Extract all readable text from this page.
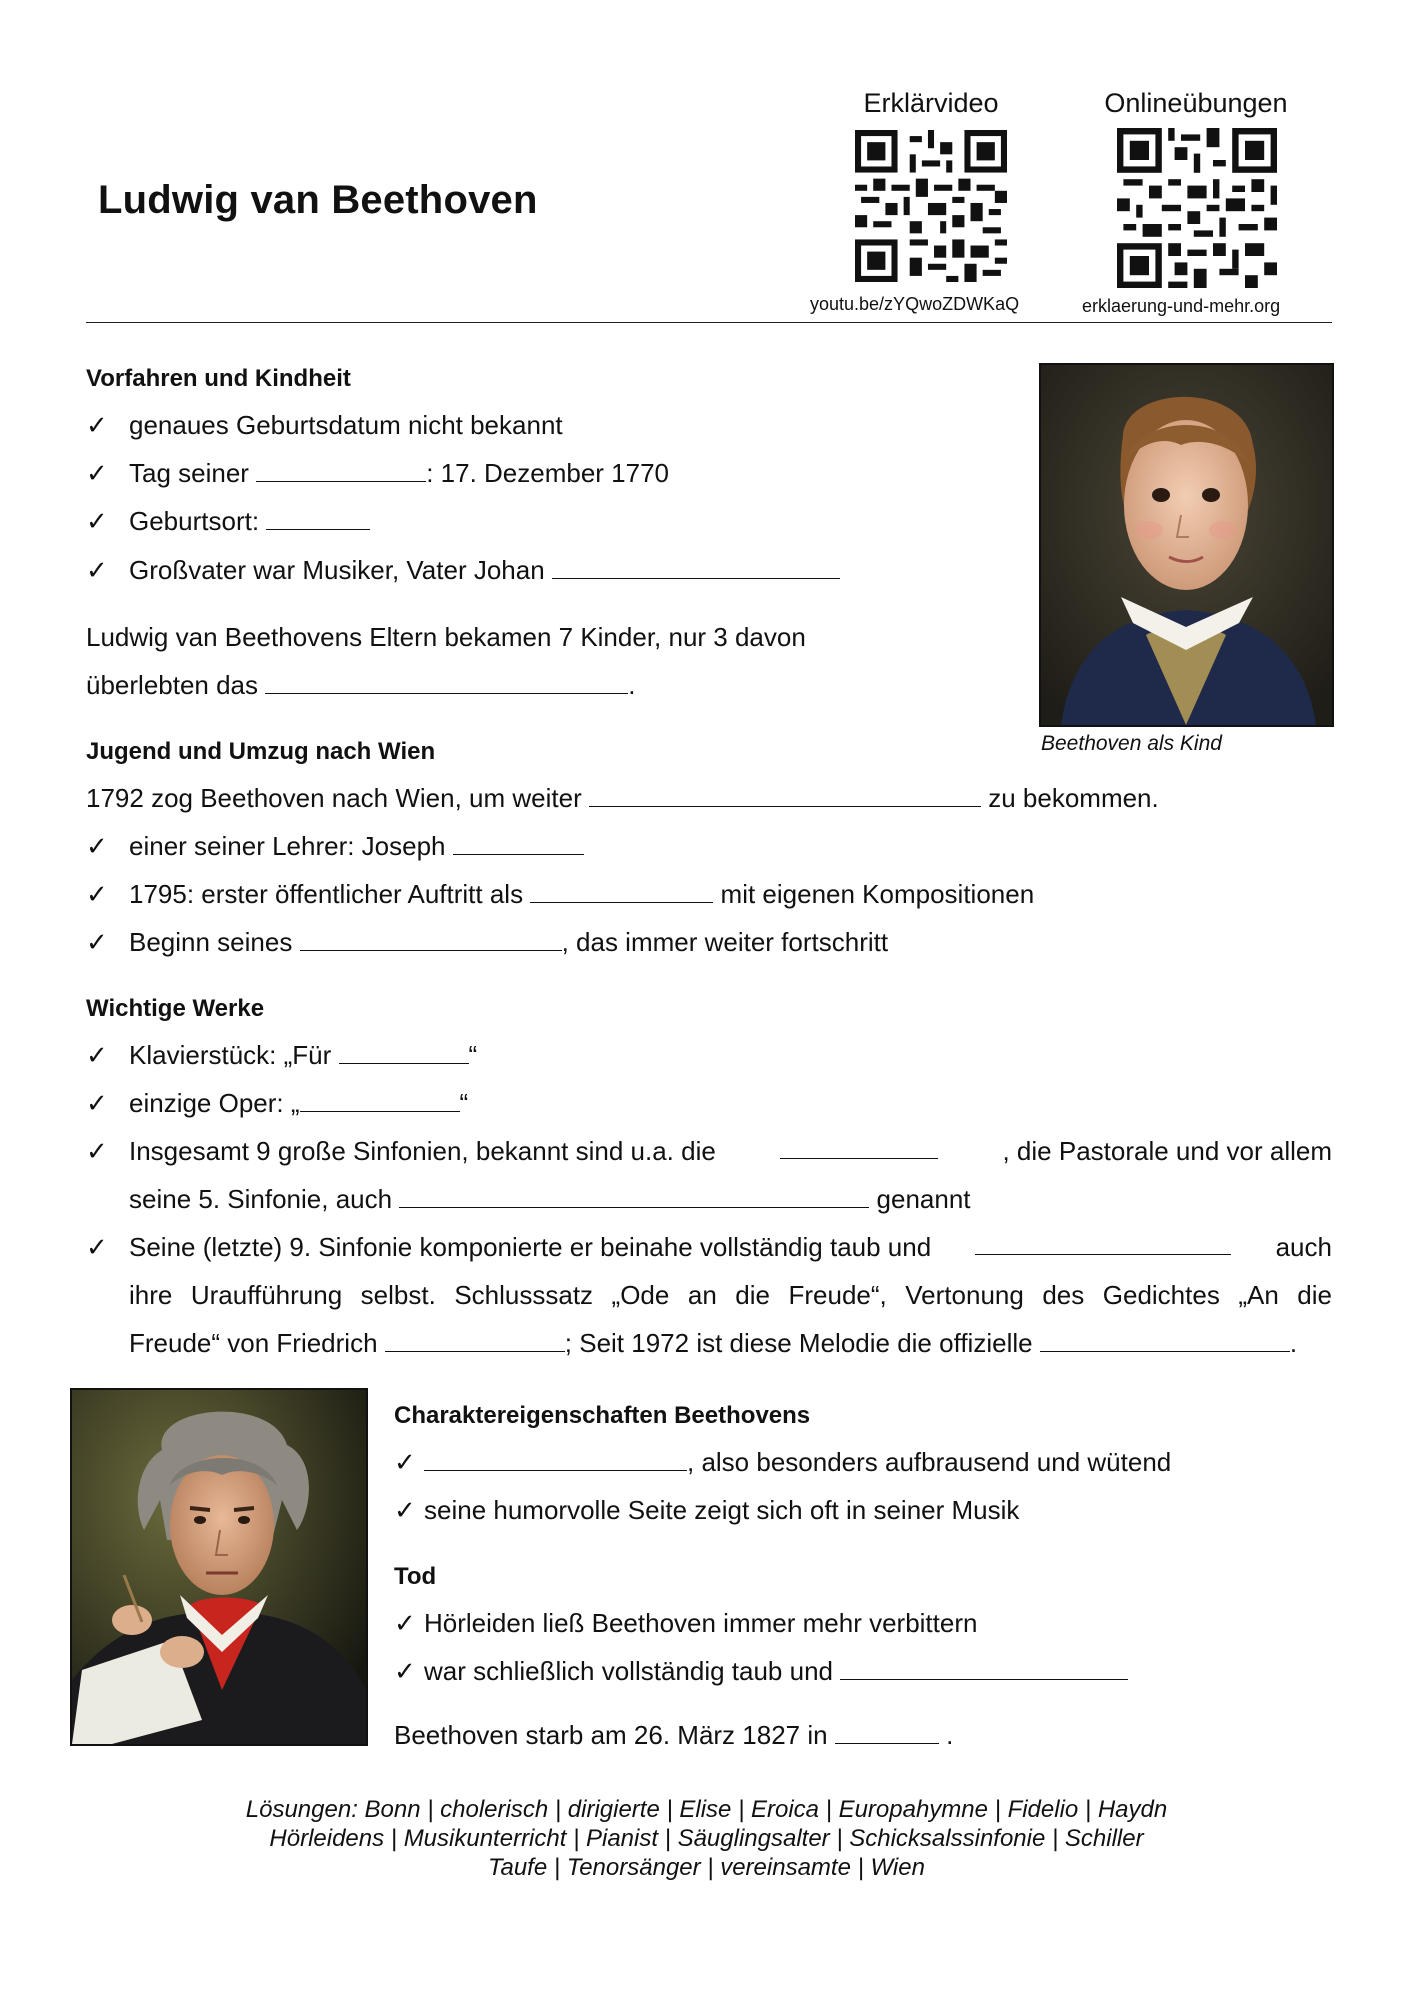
Ludwig van Beethoven
Erklärvideo
youtu.be/zYQwoZDWKaQ
Onlineübungen
erklaerung-und-mehr.org
Vorfahren und Kindheit
✓ genaues Geburtsdatum nicht bekannt
✓ Tag seiner	: 17. Dezember 1770
✓ Geburtsort:
✓ Großvater war Musiker, Vater Johan
Ludwig van Beethovens Eltern bekamen 7 Kinder, nur 3 davon
überlebten das	.
Beethoven als Kind
Jugend und Umzug nach Wien
1792 zog Beethoven nach Wien, um weiter	zu bekommen.
✓ einer seiner Lehrer: Joseph
✓ 1795: erster öffentlicher Auftritt als	mit eigenen Kompositionen
✓ Beginn seines	, das immer weiter fortschritt
Wichtige Werke
✓ Klavierstück: „Für	“
✓ einzige Oper: „	“
✓ Insgesamt 9 große Sinfonien, bekannt sind u.a. die	, die Pastorale und vor allem
seine 5. Sinfonie, auch	genannt
✓ Seine (letzte) 9. Sinfonie komponierte er beinahe vollständig taub und	auch
ihre Uraufführung selbst. Schlusssatz „Ode an die Freude“, Vertonung des Gedichtes „An die
Freude“ von Friedrich	; Seit 1972 ist diese Melodie die offizielle	.
Charaktereigenschaften Beethovens
✓	, also besonders aufbrausend und wütend
✓ seine humorvolle Seite zeigt sich oft in seiner Musik
Tod
✓ Hörleiden ließ Beethoven immer mehr verbittern
✓ war schließlich vollständig taub und
Beethoven starb am 26. März 1827 in	.
Lösungen: Bonn | cholerisch | dirigierte | Elise | Eroica | Europahymne | Fidelio | Haydn
Hörleidens | Musikunterricht | Pianist | Säuglingsalter | Schicksalssinfonie | Schiller
Taufe | Tenorsänger | vereinsamte | Wien
